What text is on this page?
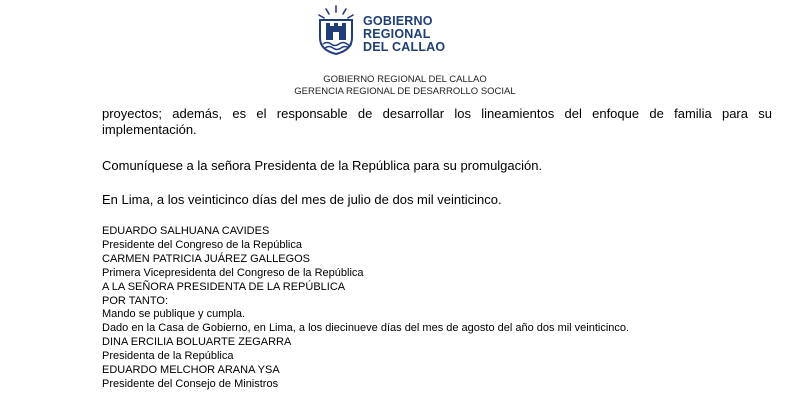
GOBIERNO
REGIONAL
DEL CALLAO
GOBIERNO REGIONAL DEL CALLAO
GERENCIA REGIONAL DE DESARROLLO SOCIAL

proyectos; además, es el responsable de desarrollar los lineamientos del enfoque de familia para su implementación.

Comuníquese a la señora Presidenta de la República para su promulgación.

En Lima, a los veinticinco días del mes de julio de dos mil veinticinco.

EDUARDO SALHUANA CAVIDES
Presidente del Congreso de la República
CARMEN PATRICIA JUÁREZ GALLEGOS
Primera Vicepresidenta del Congreso de la República
A LA SEÑORA PRESIDENTA DE LA REPÚBLICA
POR TANTO:
Mando se publique y cumpla.
Dado en la Casa de Gobierno, en Lima, a los diecinueve días del mes de agosto del año dos mil veinticinco.
DINA ERCILIA BOLUARTE ZEGARRA
Presidenta de la República
EDUARDO MELCHOR ARANA YSA
Presidente del Consejo de Ministros
